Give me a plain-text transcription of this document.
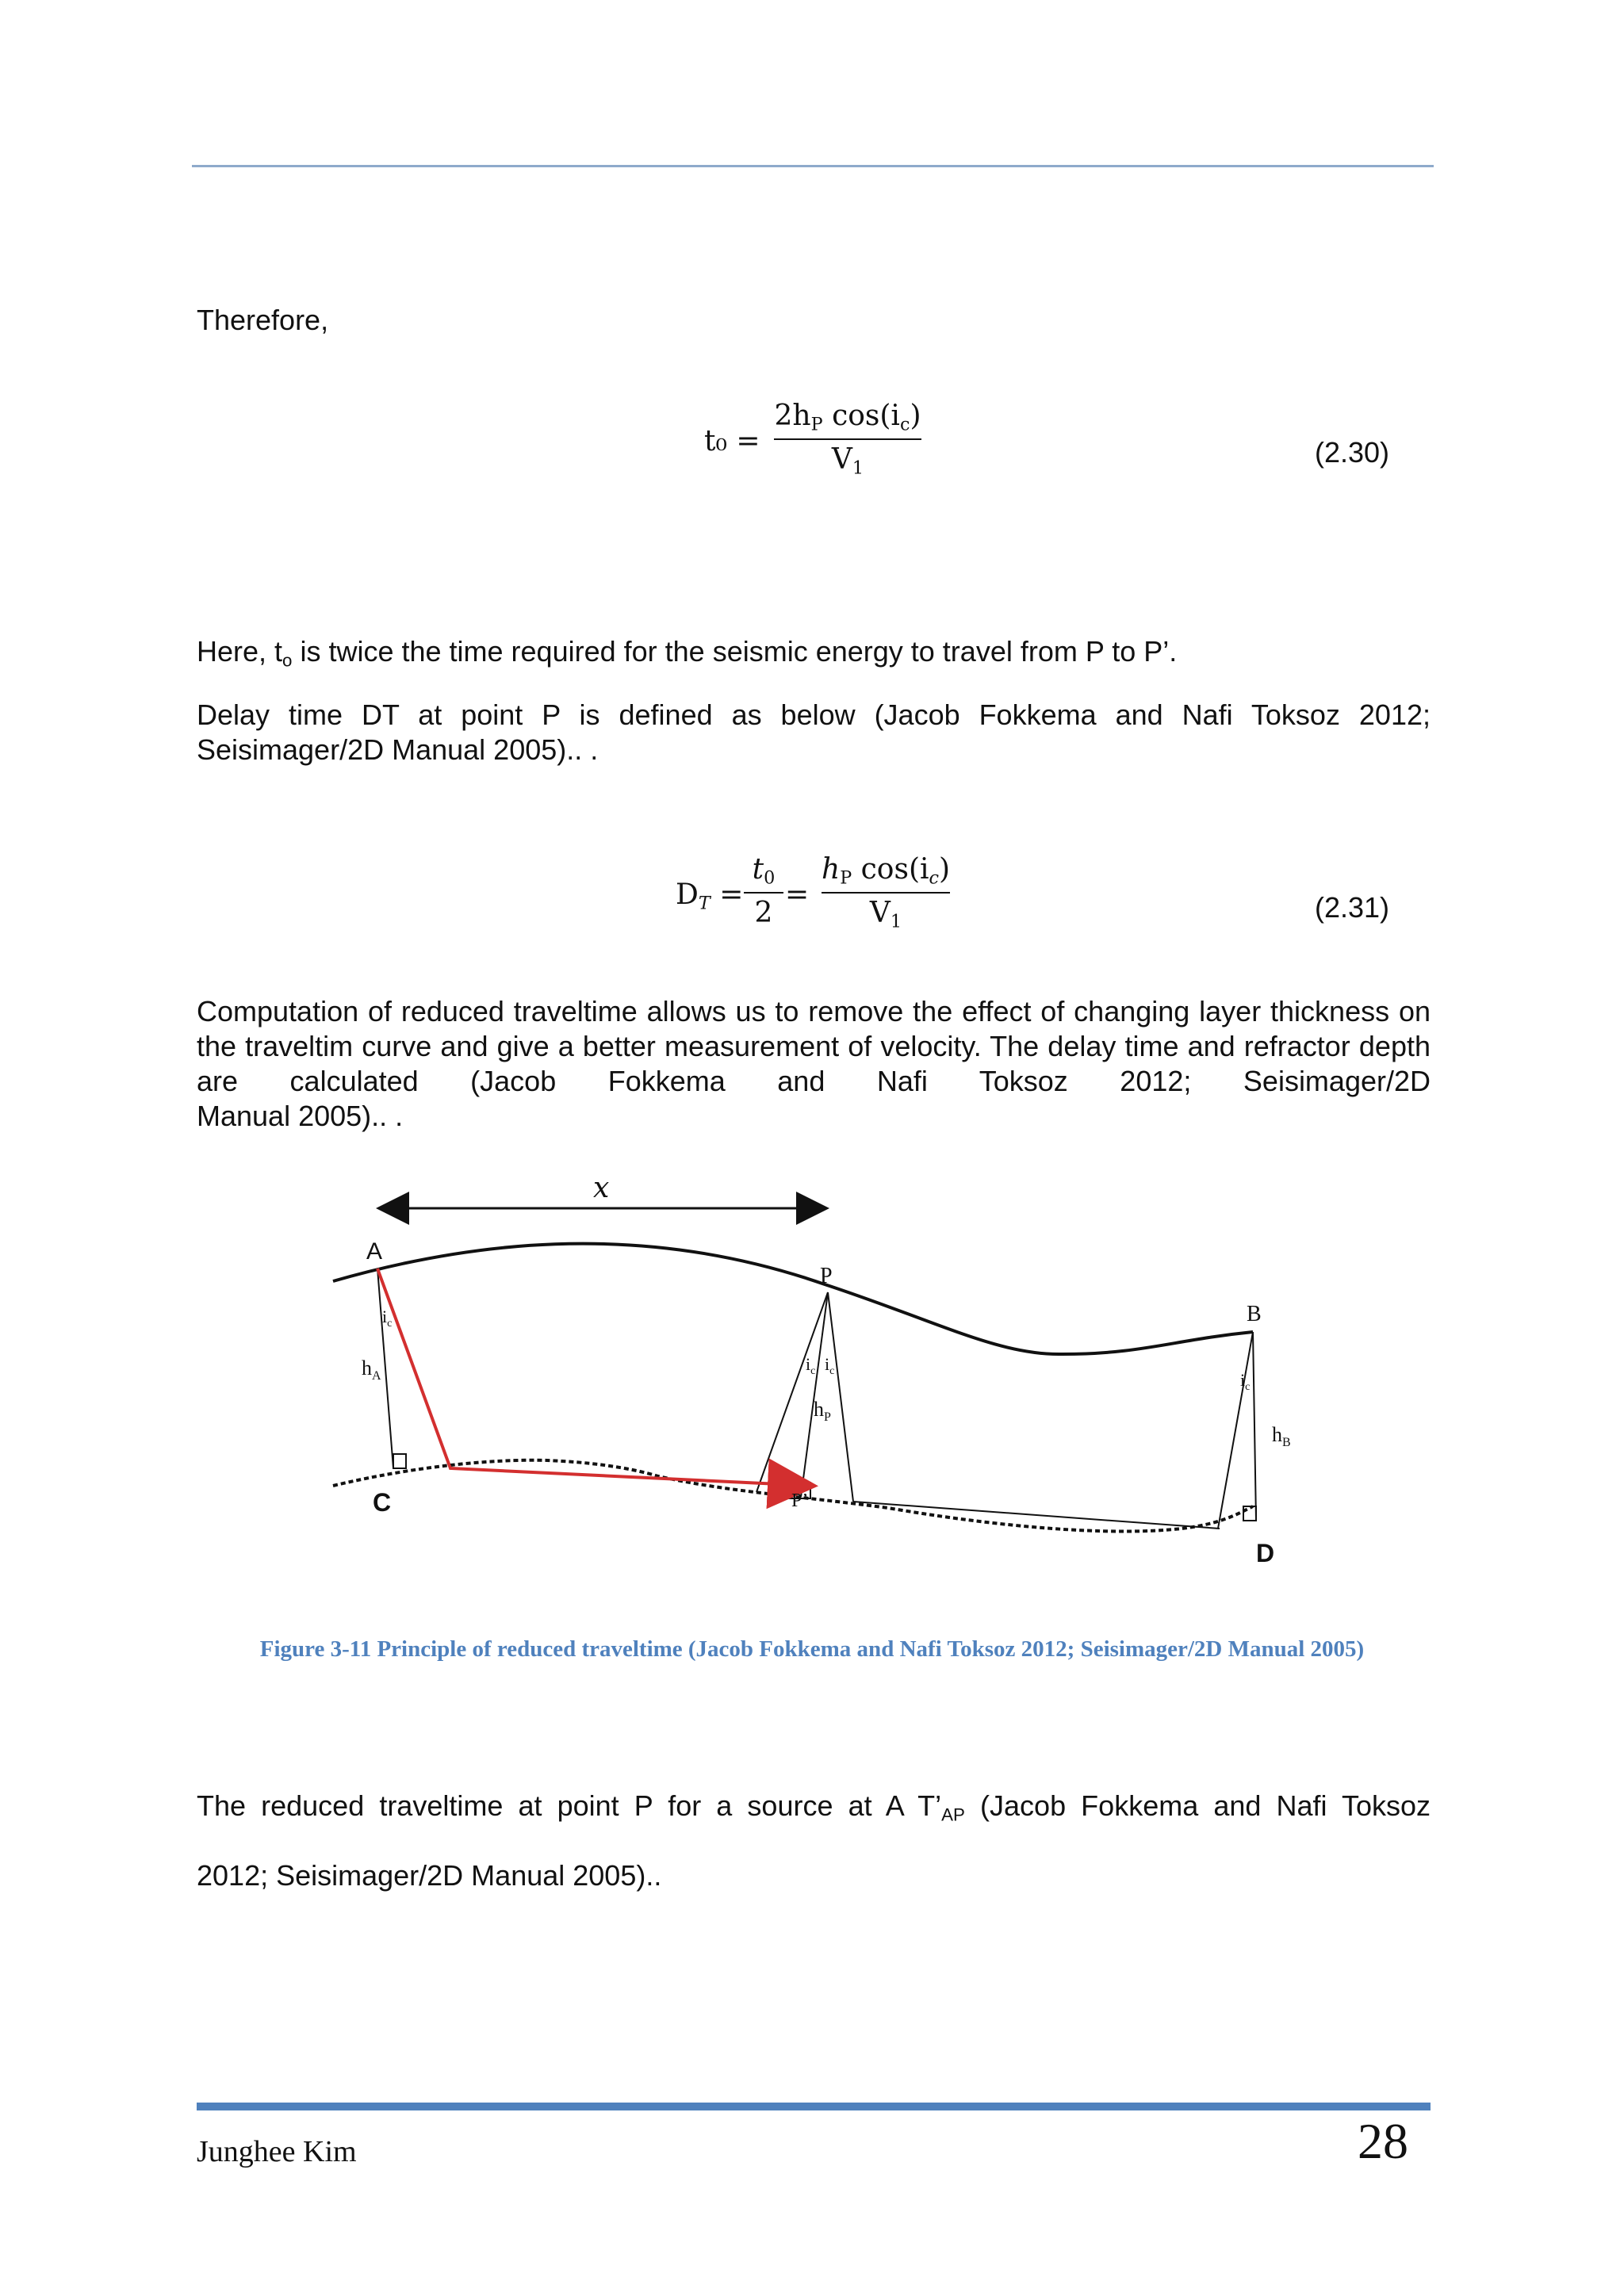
Therefore,
t₀ =
$2h_P$ $\cos(i_c)$
$V_1$	(2.30)
Here, $t_o$ is twice the time required for the seismic energy to travel from P to P’.
Delay time DT at point P is defined as below (Jacob Fokkema and Nafi Toksoz 2012;
Seisimager/2D Manual 2005).. .
$D_T$ =
$t_0$
2
=
$h_P$ $\cos(i_c)$
$V_1$	(2.31)
Computation of reduced traveltime allows us to remove the effect of changing layer thickness on the traveltim curve and give a better measurement of velocity. The delay time and refractor depth are calculated (Jacob Fokkema and Nafi Toksoz 2012; Seisimager/2D
Manual 2005).. .
x
A
P
B
C
D
P’
$h_A$
$h_P$
$h_B$
$i_c$
$i_c$ $i_c$	$i_c$
Figure 3-11 Principle of reduced traveltime (Jacob Fokkema and Nafi Toksoz 2012; Seisimager/2D Manual 2005)
The reduced traveltime at point P for a source at A $T’_{AP}$ (Jacob Fokkema and Nafi Toksoz
2012; Seisimager/2D Manual 2005)..
Junghee Kim	28
